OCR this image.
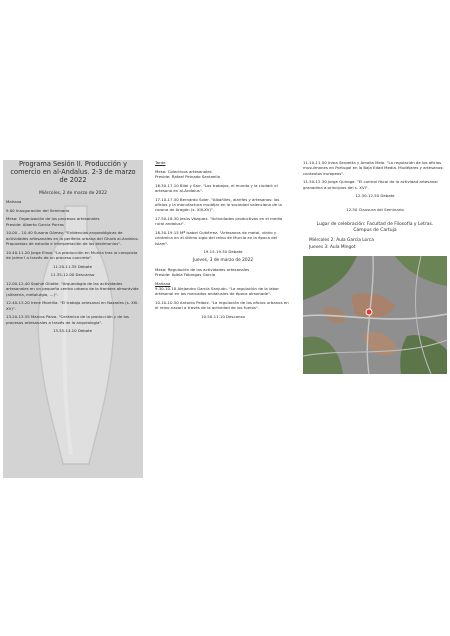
Programa Sesión II. Producción y comercio en al-Andalus. 2-3 de marzo de 2022
Miércoles, 2 de marzo de 2022
Mañana
9.00 Inauguración del Seminario
Mesa: Organización de los procesos artesanales
Preside: Alberto García Porras
10.00 – 10.40 Susana Gómez. "Evidencias arqueológicas de actividades artesanales en la periferia urbana del Gharb al-Andalus. Propuestas de estudio e interpretación de los testimonios".
10.40-11.20 Jorge Eiroa. "La producción en Murcia tras la conquista de Jaime I a través de un proceso concreto".
11.20-11.35 Debate
11.35-12.00 Descanso
12.00-12.40 Sophie Gilotte. "Arqueología de las actividades artesanales en un pequeño centro urbano de la frontera almorávide (alfarería, metalurgia, ...)".
12.40-13.20 Irene Montilla. "El trabajo artesanal en Nazaríes (s. XIII-XV)".
13.20-13.55 Marcos Paiva. "Cerámica de la producción y de los procesos artesanales a través de la arqueología".
13.55-14.10 Debate
Tarde
Mesa: Colectivos artesanales
Preside: Rafael Peinado Santaella
16.30-17.10 Bilal y Sarr. "Los trabajos, el mundo y la ciudad: el artesano en al-Andalus".
17.10-17.50 Bernardo Soler. "Albañiles, alarifes y artesanos: los oficios y la manufactura mudéjar en la sociedad valenciana de la corona de Aragón (s. XIII-XV)".
17.50-18.30 Jesús Vázquez. "Actividades productivas en el medio rural andalusí".
18.30-19.15 Mª Isabel Gutiérrez. "Artesanos de metal, vidrio y cerámica en el último siglo del reino de Murcia en la época del Islam".
19.15-19.30 Debate
Jueves, 3 de marzo de 2022
Mesa: Regulación de las actividades artesanales
Preside: Adela Fábregas García
Mañana
9.30-10.10 Alejandro García Sanjuán. "La regulación de la labor artesanal en los mercados andalusíes de época almohade".
10.10-10.50 Antonio Peláez. "La regulación de los oficios urbanos en el reino nazarí a través de la actividad de los fueros".
10.50-11.10 Descanso
11.10-11.50 Inma Serpetta y Amalia Melo. "La regulación de los oficios musulmanes en Portugal en la Baja Edad Media. Mudéjares y artesanos: contextos europeos".
11.50-12.30 Jorge Quiroga. "El control fiscal de la actividad artesanal granadina a principios del s. XVI".
12.30-12.50 Debate
12.50 Clausura del Seminario
Lugar de celebración: Facultad de Filosofía y Letras. Campus de Cartuja
Miércoles 2: Aula García Lorca
Jueves 3: Aula Mingot
